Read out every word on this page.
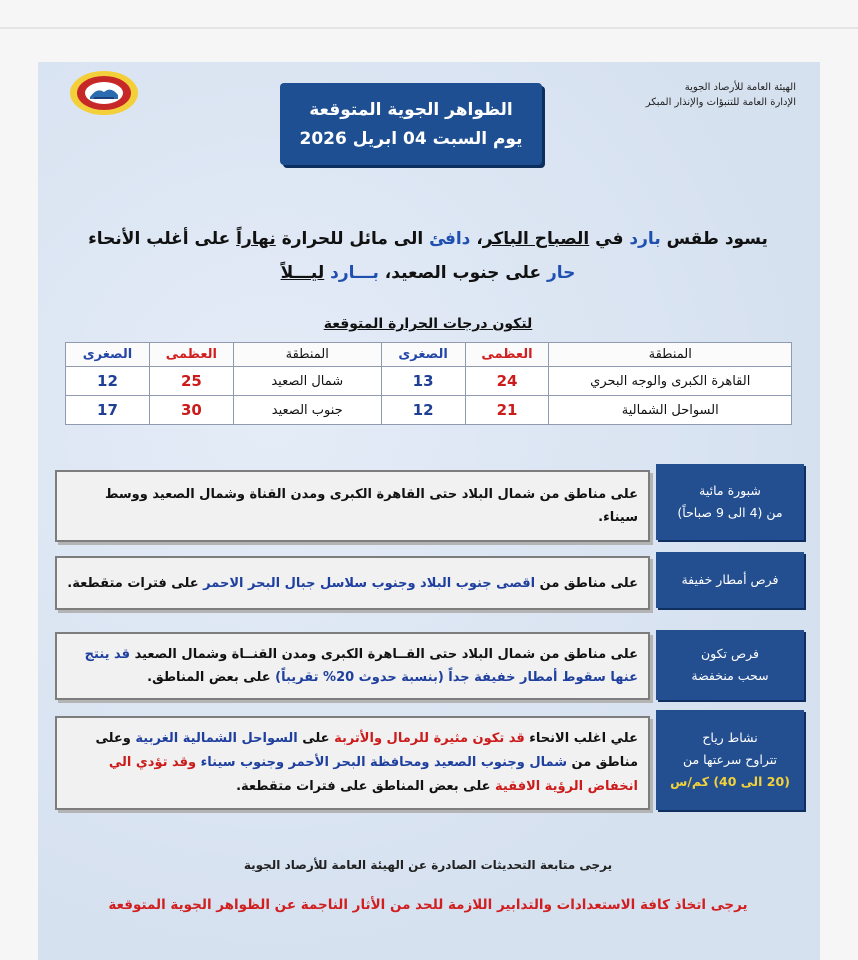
الهيئة العامة للأرصاد الجوية
الإدارة العامة للتنبؤات والإنذار المبكر
الظواهر الجوية المتوقعة
يوم السبت 04 ابريل 2026
يسود طقس بارد في الصباح الباكر، دافئ الى مائل للحرارة نهاراً على أغلب الأنحاء
حار على جنوب الصعيد، بـــارد ليـــلاً
لتكون درجات الحرارة المتوقعة
المنطقة	العظمى	الصغرى	المنطقة	العظمى	الصغرى
القاهرة الكبرى والوجه البحري	24	13	شمال الصعيد	25	12
السواحل الشمالية	21	12	جنوب الصعيد	30	17
شبورة مائية
من (4 الى 9 صباحاً)
على مناطق من شمال البلاد حتى القاهرة الكبرى ومدن القناة وشمال الصعيد ووسط سيناء.
فرص أمطار خفيفة
على مناطق من اقصى جنوب البلاد وجنوب سلاسل جبال البحر الاحمر على فترات متقطعة.
فرص تكون
سحب منخفضة
على مناطق من شمال البلاد حتى القــاهرة الكبرى ومدن القنــاة وشمال الصعيد قد ينتج عنها سقوط أمطار خفيفة جداً (بنسبة حدوث 20% تقريباً) على بعض المناطق.
نشاط رياح
تتراوح سرعتها من
(20 الى 40) كم/س
علي اغلب الانحاء قد تكون مثيرة للرمال والأتربة على السواحل الشمالية الغربية وعلى مناطق من شمال وجنوب الصعيد ومحافظة البحر الأحمر وجنوب سيناء وقد تؤدي الي انخفاض الرؤية الافقية على بعض المناطق على فترات متقطعة.
يرجى متابعة التحديثات الصادرة عن الهيئة العامة للأرصاد الجوية
يرجى اتخاذ كافة الاستعدادات والتدابير اللازمة للحد من الأثار الناجمة عن الظواهر الجوية المتوقعة
